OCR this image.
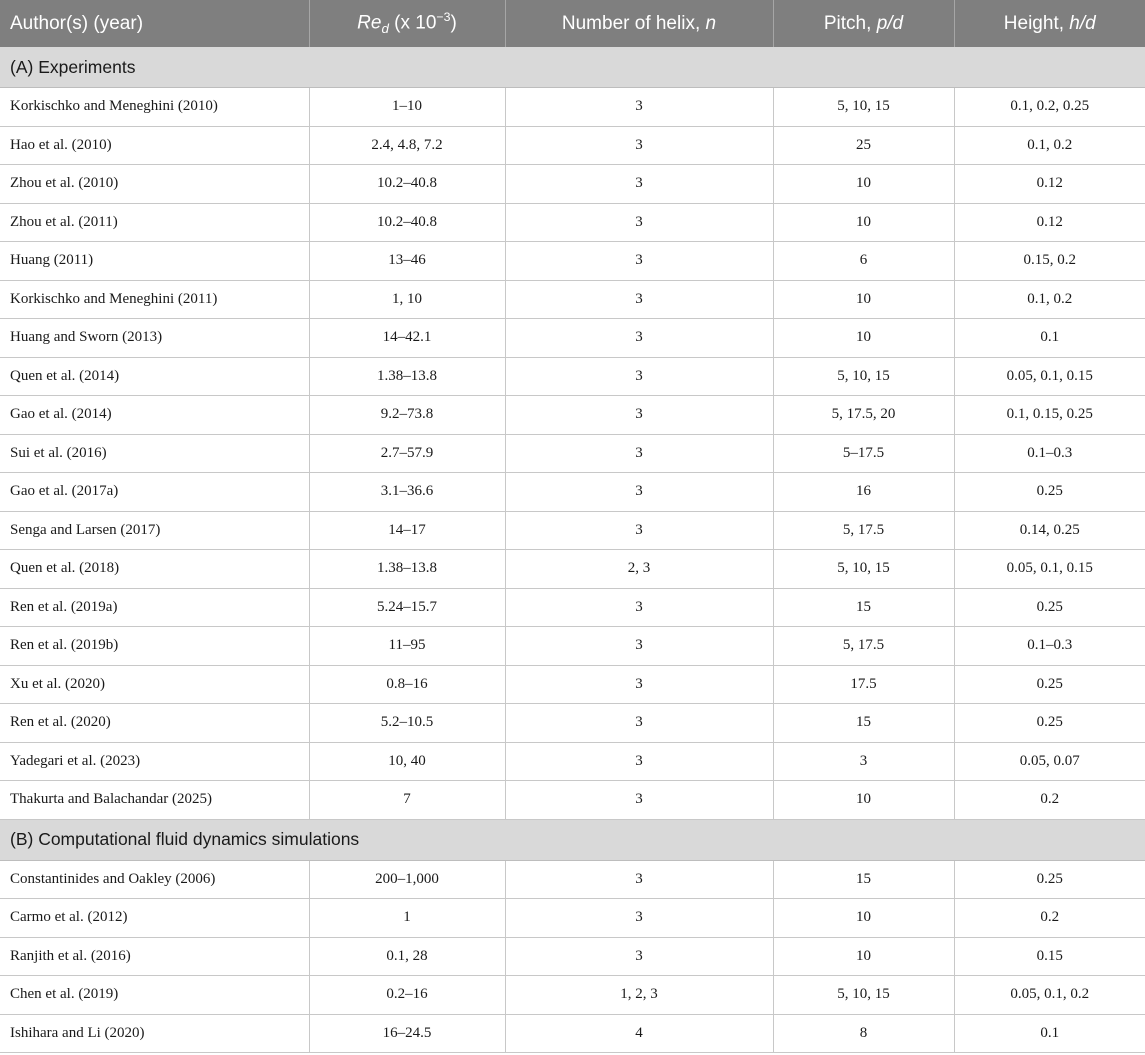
Author(s) (year)	$Re_d$ (x $10^{-3}$)	Number of helix, n	Pitch, p/d	Height, h/d
(A) Experiments				
Korkischko and Meneghini (2010)	1–10	3	5, 10, 15	0.1, 0.2, 0.25
Hao et al. (2010)	2.4, 4.8, 7.2	3	25	0.1, 0.2
Zhou et al. (2010)	10.2–40.8	3	10	0.12
Zhou et al. (2011)	10.2–40.8	3	10	0.12
Huang (2011)	13–46	3	6	0.15, 0.2
Korkischko and Meneghini (2011)	1, 10	3	10	0.1, 0.2
Huang and Sworn (2013)	14–42.1	3	10	0.1
Quen et al. (2014)	1.38–13.8	3	5, 10, 15	0.05, 0.1, 0.15
Gao et al. (2014)	9.2–73.8	3	5, 17.5, 20	0.1, 0.15, 0.25
Sui et al. (2016)	2.7–57.9	3	5–17.5	0.1–0.3
Gao et al. (2017a)	3.1–36.6	3	16	0.25
Senga and Larsen (2017)	14–17	3	5, 17.5	0.14, 0.25
Quen et al. (2018)	1.38–13.8	2, 3	5, 10, 15	0.05, 0.1, 0.15
Ren et al. (2019a)	5.24–15.7	3	15	0.25
Ren et al. (2019b)	11–95	3	5, 17.5	0.1–0.3
Xu et al. (2020)	0.8–16	3	17.5	0.25
Ren et al. (2020)	5.2–10.5	3	15	0.25
Yadegari et al. (2023)	10, 40	3	3	0.05, 0.07
Thakurta and Balachandar (2025)	7	3	10	0.2
(B) Computational fluid dynamics simulations				
Constantinides and Oakley (2006)	200–1,000	3	15	0.25
Carmo et al. (2012)	1	3	10	0.2
Ranjith et al. (2016)	0.1, 28	3	10	0.15
Chen et al. (2019)	0.2–16	1, 2, 3	5, 10, 15	0.05, 0.1, 0.2
Ishihara and Li (2020)	16–24.5	4	8	0.1
